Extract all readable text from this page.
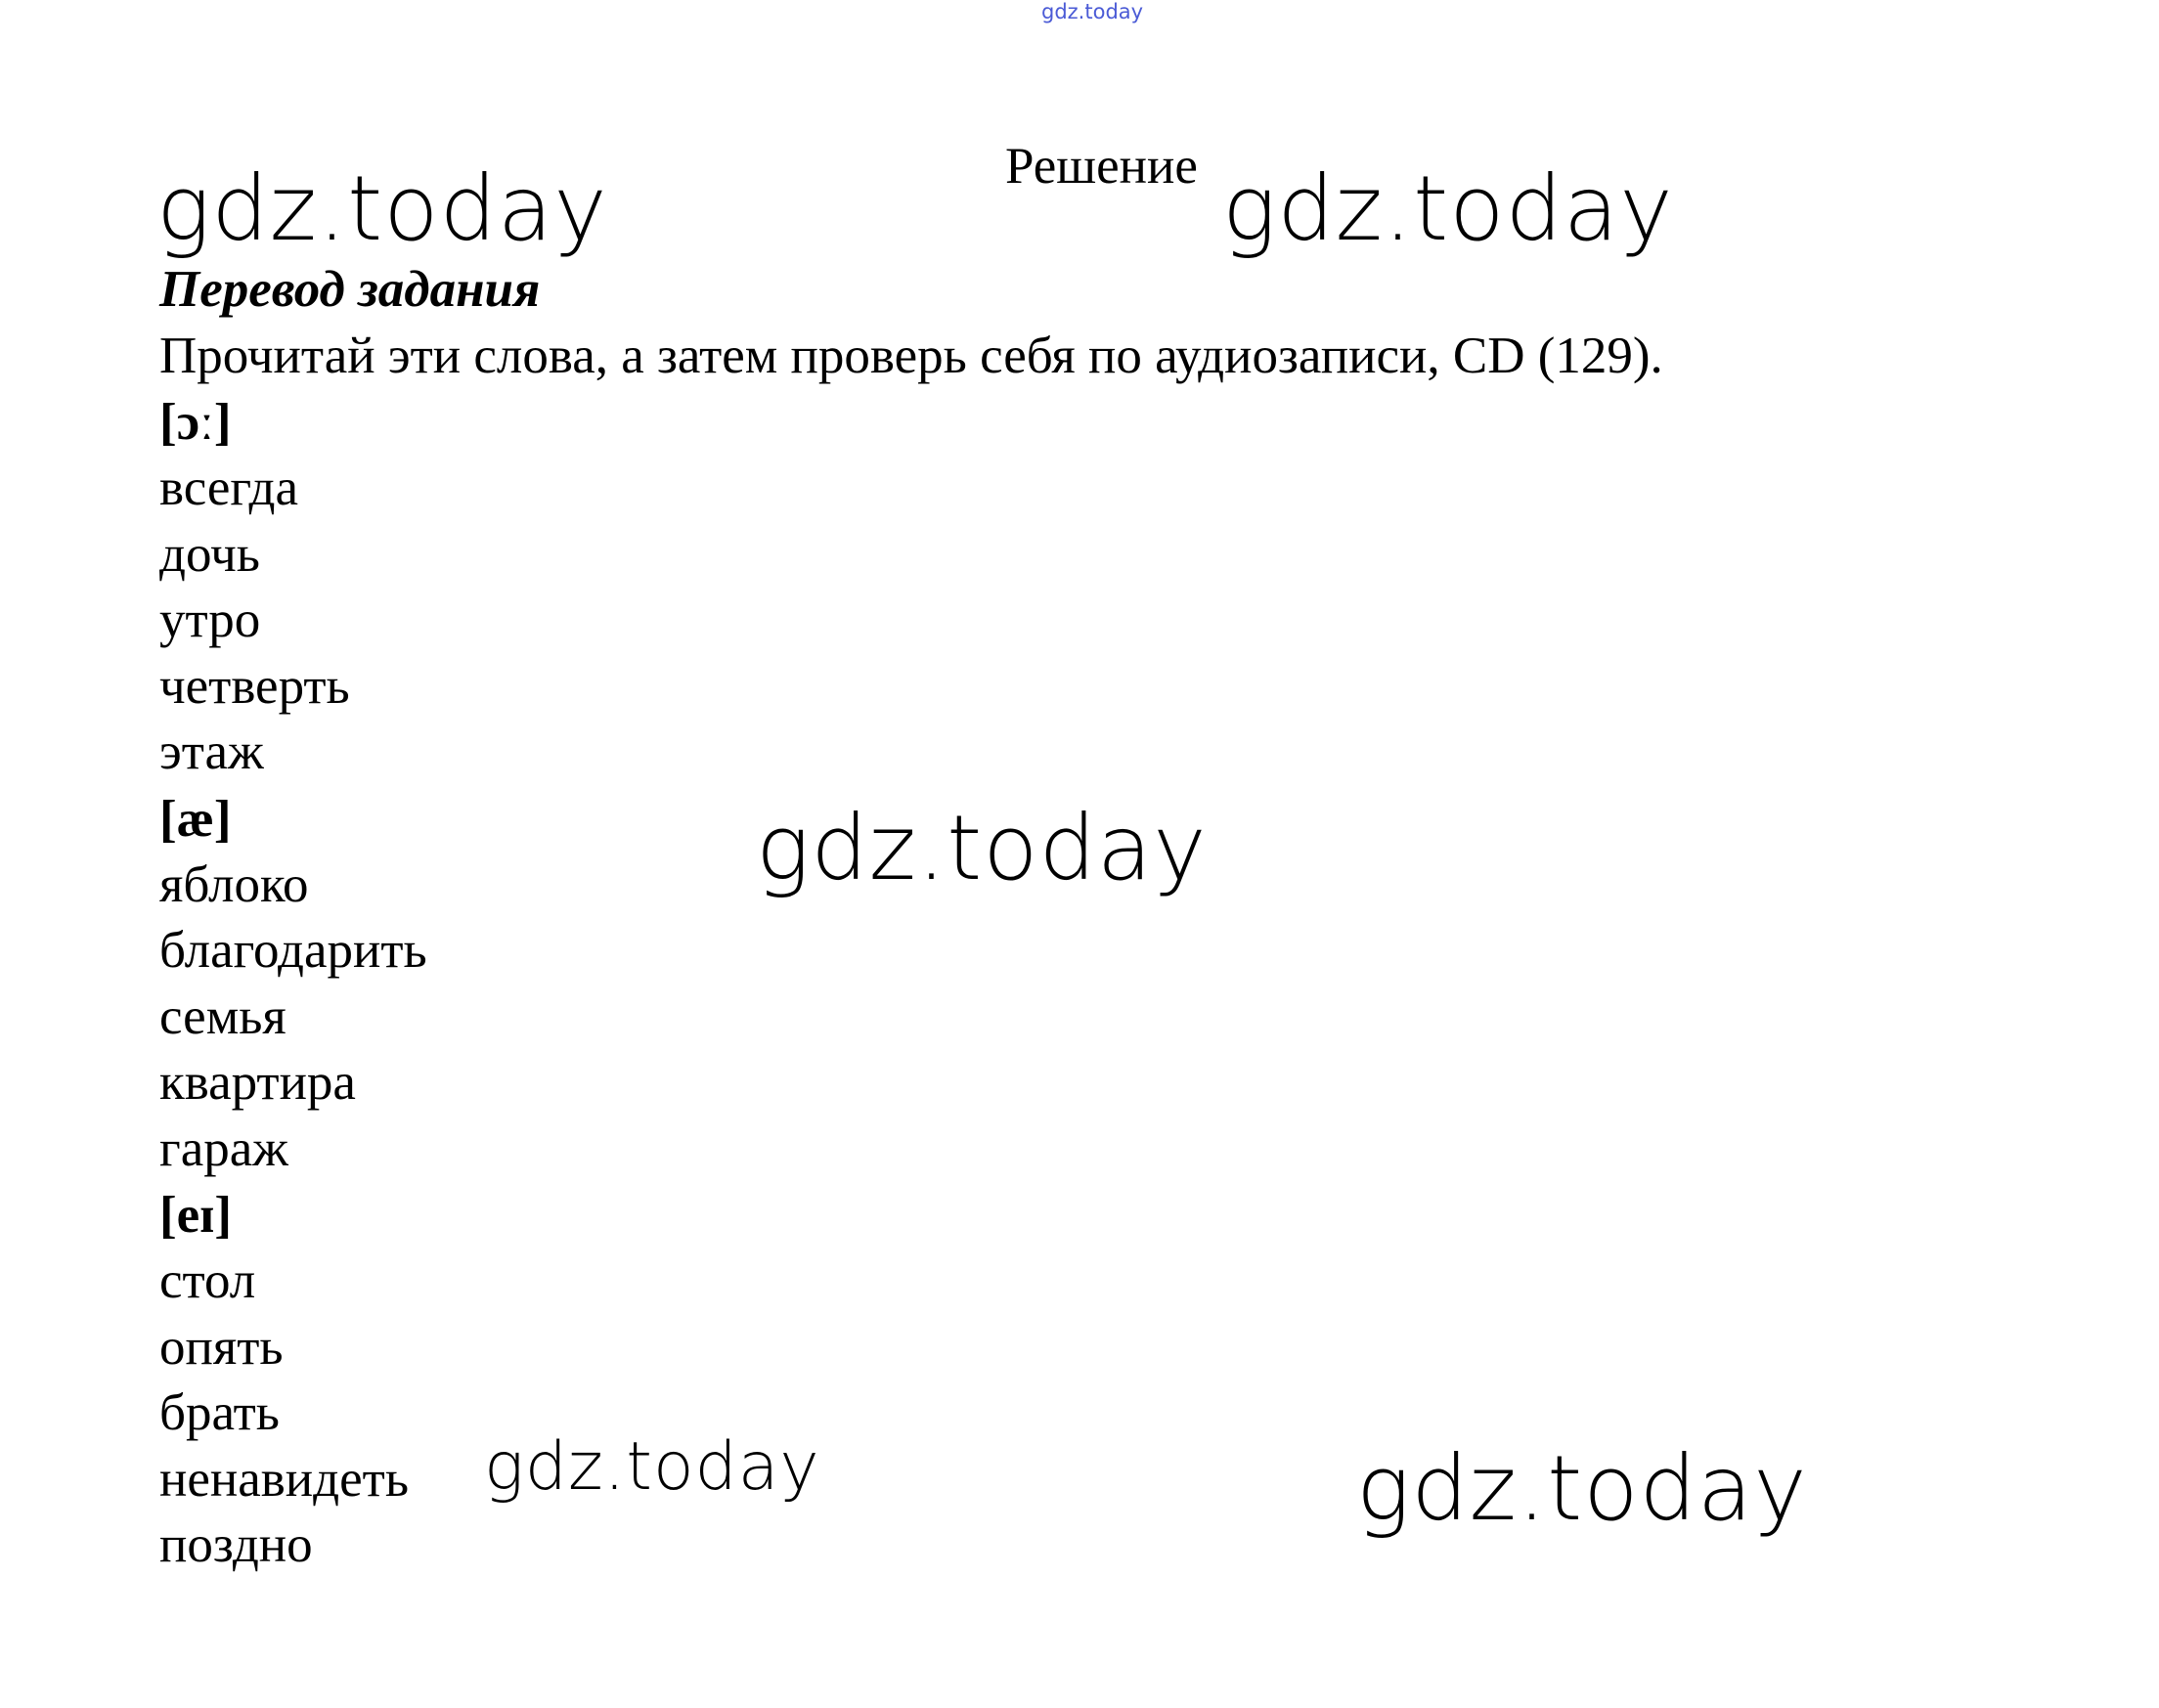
gdz.today
gdz.today	gdz.today
gdz.today
gdz.today	gdz.today
Решение
Перевод задания
Прочитай эти слова, а затем проверь себя по аудиозаписи, CD (129).
[ɔː]
всегда
дочь
утро
четверть
этаж
[æ]
яблоко
благодарить
семья
квартира
гараж
[eɪ]
стол
опять
брать
ненавидеть
поздно
